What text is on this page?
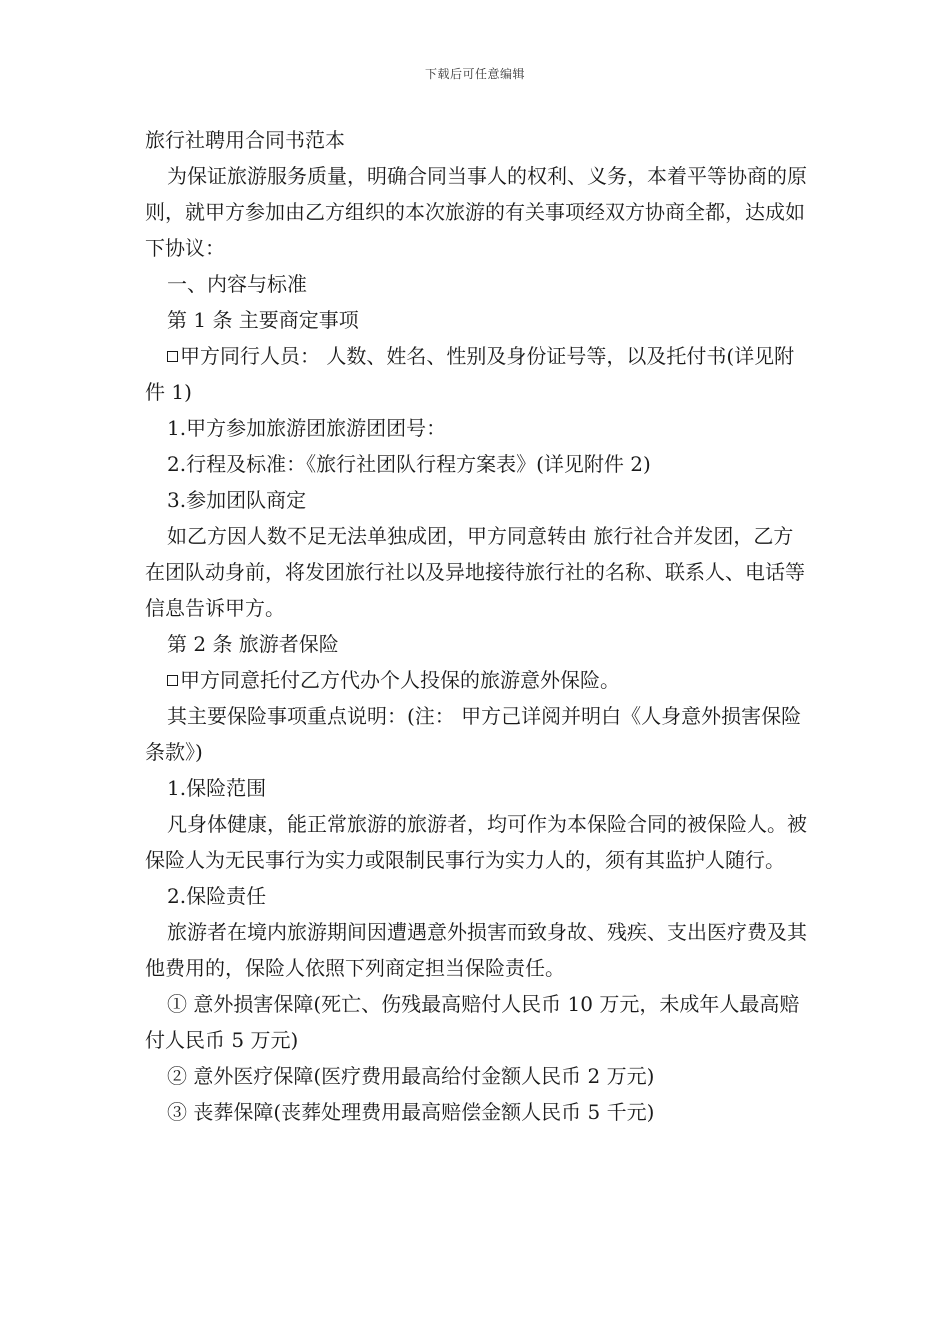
下载后可任意编辑

旅行社聘用合同书范本

为保证旅游服务质量，明确合同当事人的权利、义务，本着平等协商的原则，就甲方参加由乙方组织的本次旅游的有关事项经双方协商全都，达成如下协议：

一、内容与标准

第 1 条 主要商定事项

甲方同行人员： 人数、姓名、性别及身份证号等，以及托付书(详见附件 1)

1.甲方参加旅游团旅游团团号：

2.行程及标准：《旅行社团队行程方案表》(详见附件 2)

3.参加团队商定

如乙方因人数不足无法单独成团，甲方同意转由 旅行社合并发团，乙方在团队动身前，将发团旅行社以及异地接待旅行社的名称、联系人、电话等信息告诉甲方。

第 2 条 旅游者保险

甲方同意托付乙方代办个人投保的旅游意外保险。

其主要保险事项重点说明：(注： 甲方己详阅并明白《人身意外损害保险条款》)

1.保险范围

凡身体健康，能正常旅游的旅游者，均可作为本保险合同的被保险人。被保险人为无民事行为实力或限制民事行为实力人的，须有其监护人随行。

2.保险责任

旅游者在境内旅游期间因遭遇意外损害而致身故、残疾、支出医疗费及其他费用的，保险人依照下列商定担当保险责任。

① 意外损害保障(死亡、伤残最高赔付人民币 10 万元，未成年人最高赔付人民币 5 万元)

② 意外医疗保障(医疗费用最高给付金额人民币 2 万元)

③ 丧葬保障(丧葬处理费用最高赔偿金额人民币 5 千元)
